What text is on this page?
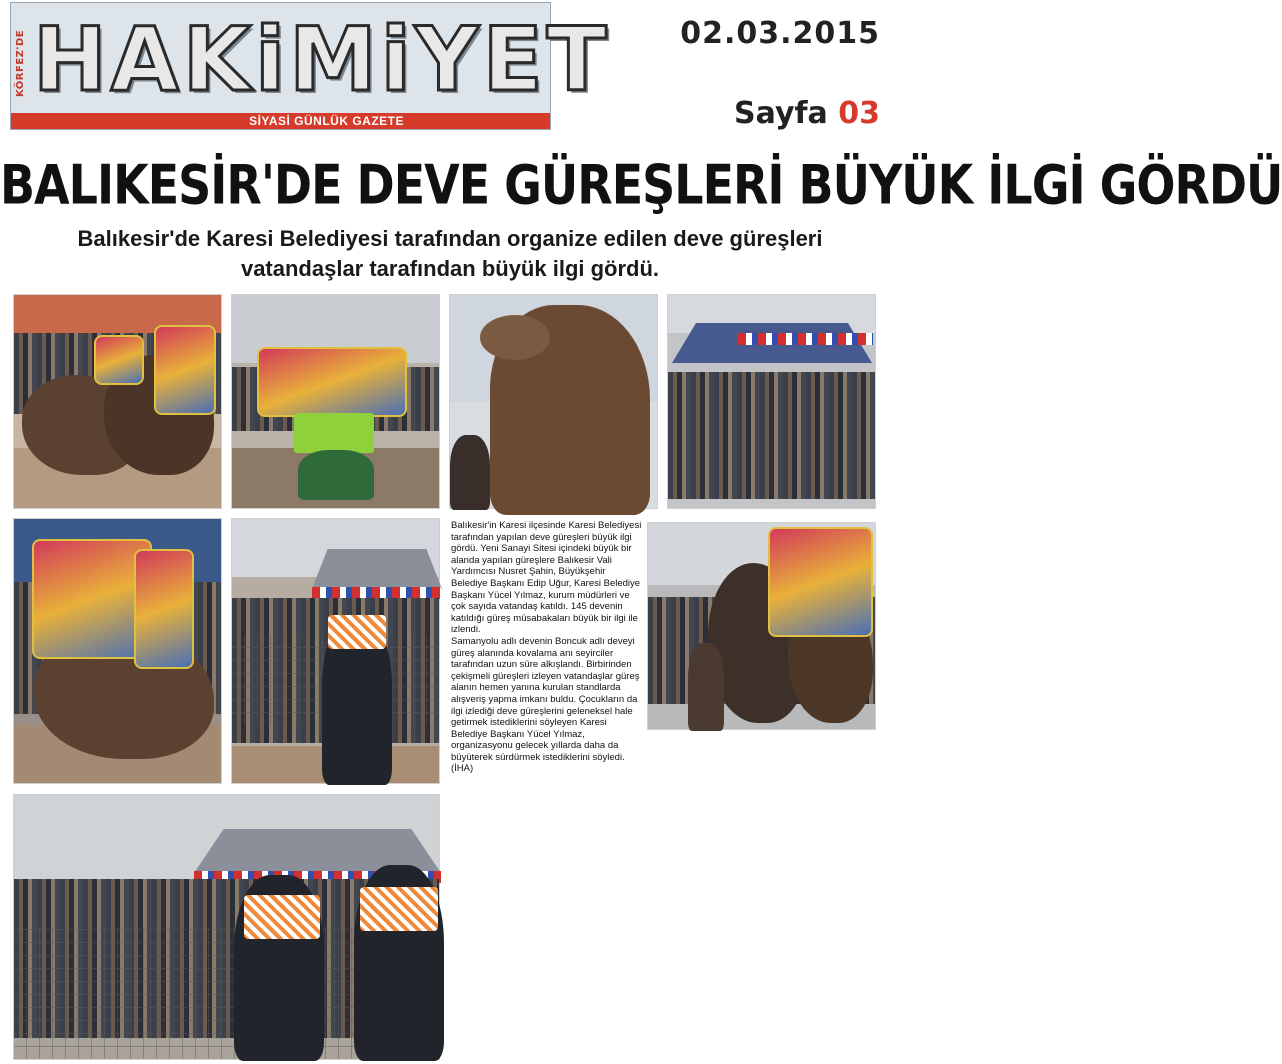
KÖRFEZ'DE HAKiMiYET
SİYASİ GÜNLÜK GAZETE
02.03.2015
Sayfa 03
BALIKESİR'DE DEVE GÜREŞLERİ BÜYÜK İLGİ GÖRDÜ
Balıkesir'de Karesi Belediyesi tarafından organize edilen deve güreşleri vatandaşlar tarafından büyük ilgi gördü.

Balıkesir'in Karesi ilçesinde Karesi Belediyesi tarafından yapılan deve güreşleri büyük ilgi gördü. Yeni Sanayi Sitesi içindeki büyük bir alanda yapılan güreşlere Balıkesir Vali Yardımcısı Nusret Şahin, Büyükşehir Belediye Başkanı Edip Uğur, Karesi Belediye Başkanı Yücel Yılmaz, kurum müdürleri ve çok sayıda vatandaş katıldı. 145 devenin katıldığı güreş müsabakaları büyük bir ilgi ile izlendi.

Samanyolu adlı devenin Boncuk adlı deveyi güreş alanında kovalama anı seyirciler tarafından uzun süre alkışlandı. Birbirinden çekişmeli güreşleri izleyen vatandaşlar güreş alanın hemen yanına kurulan standlarda alışveriş yapma imkanı buldu. Çocukların da ilgi izlediği deve güreşlerini geleneksel hale getirmek istediklerini söyleyen Karesi Belediye Başkanı Yücel Yılmaz, organizasyonu gelecek yıllarda daha da büyüterek sürdürmek istediklerini söyledi. (İHA)
